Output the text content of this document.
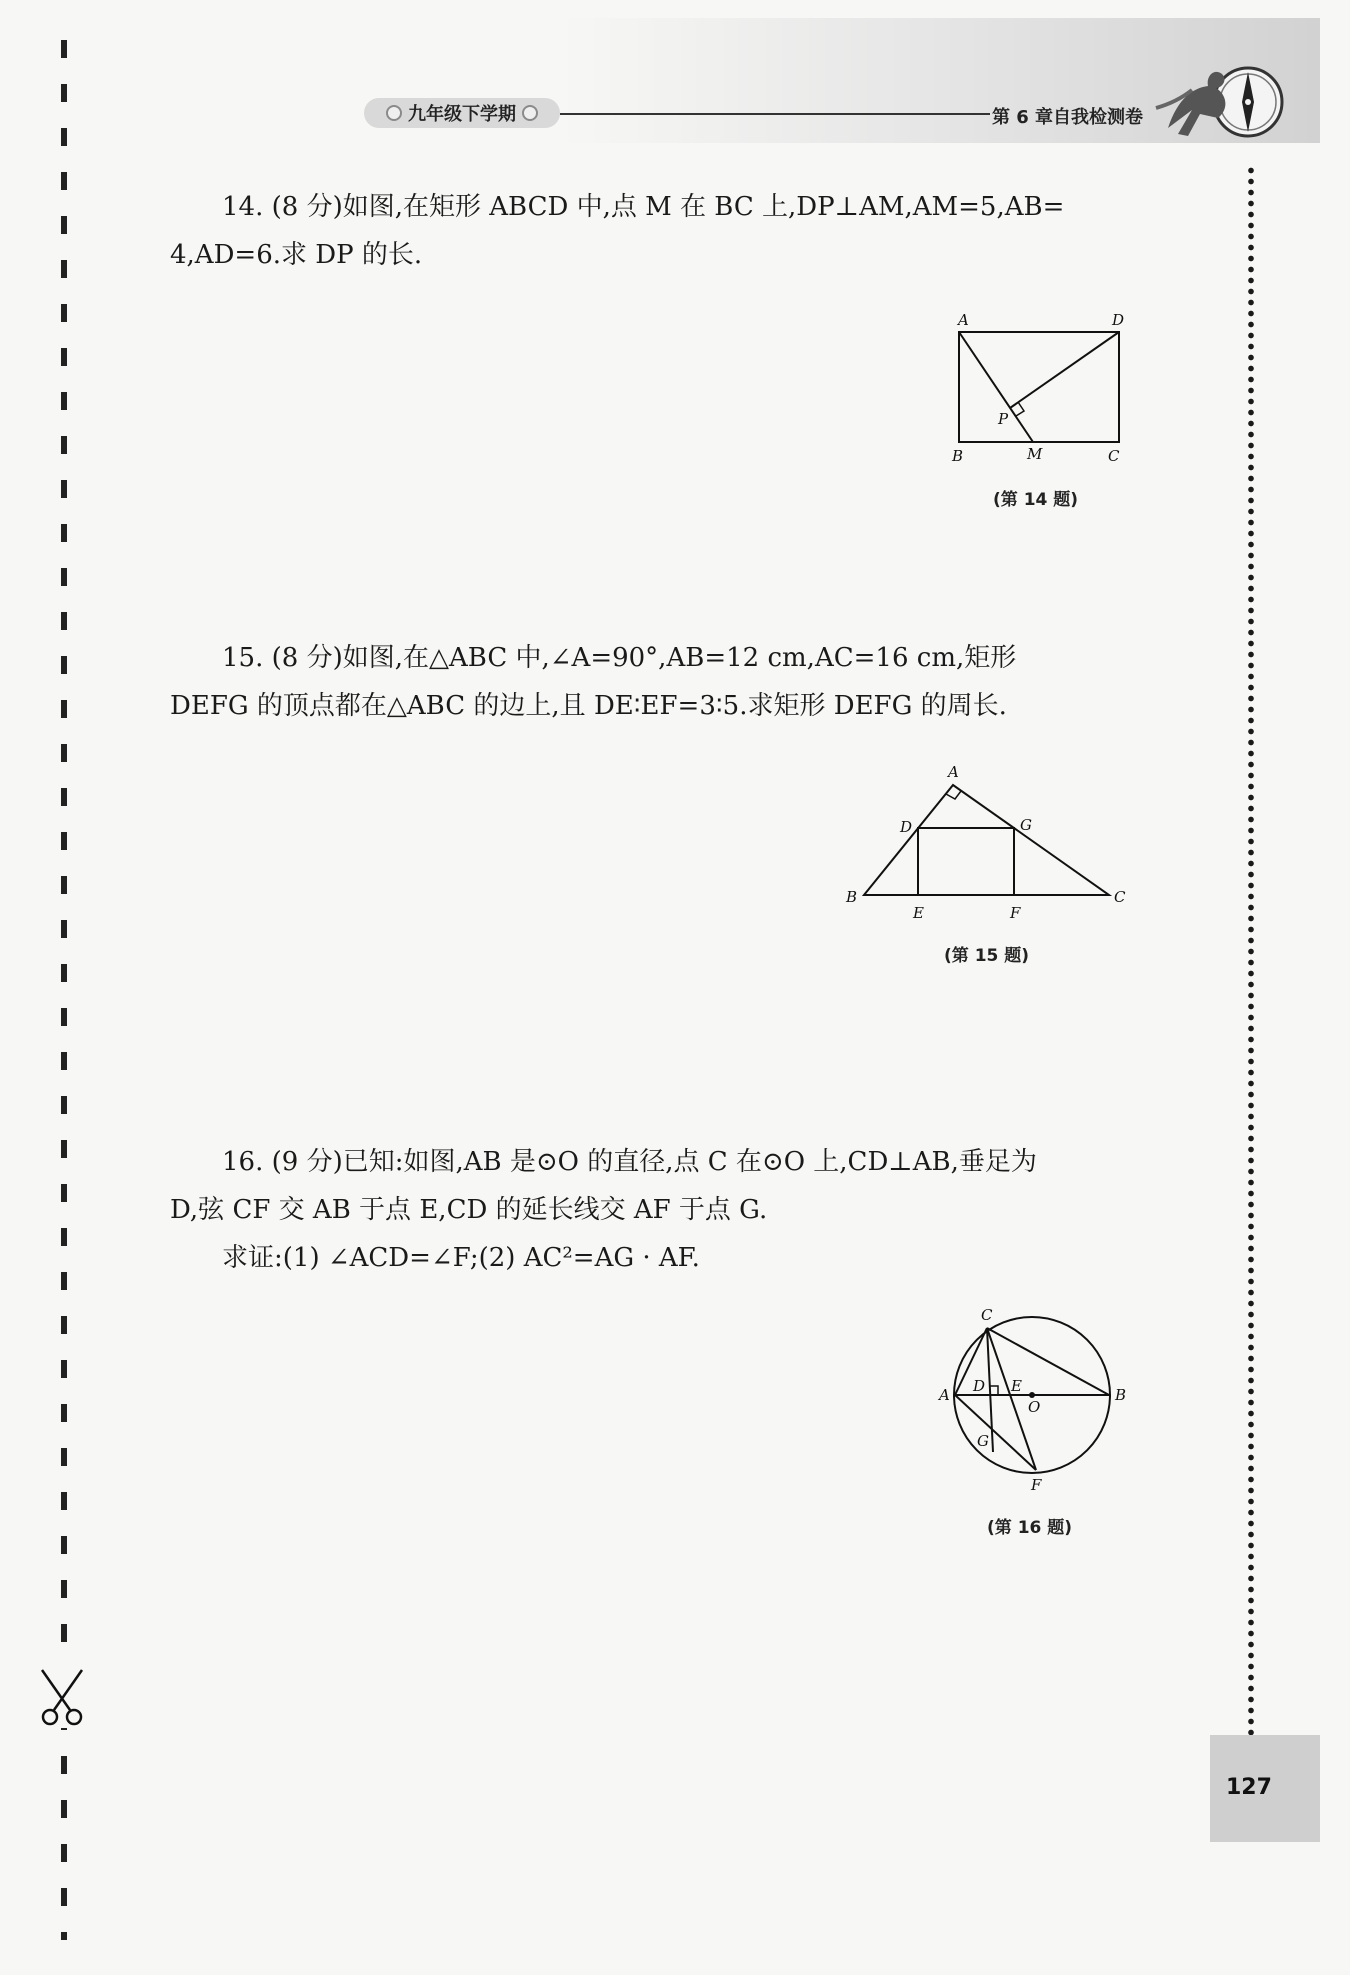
九年级下学期	第 6 章自我检测卷
127

14. (8 分)如图,在矩形 ABCD 中,点 M 在 BC 上,DP⊥AM,AM=5,AB=

4,AD=6.求 DP 的长.

A	D
P
B	M	C
(第 14 题)

15. (8 分)如图,在△ABC 中,∠A=90°,AB=12 cm,AC=16 cm,矩形

DEFG 的顶点都在△ABC 的边上,且 DE∶EF=3∶5.求矩形 DEFG 的周长.

A
D	G
B
E	F
C
(第 15 题)

16. (9 分)已知:如图,AB 是⊙O 的直径,点 C 在⊙O 上,CD⊥AB,垂足为

D,弦 CF 交 AB 于点 E,CD 的延长线交 AF 于点 G.

求证:(1) ∠ACD=∠F;(2) AC²=AG · AF.

C
A D E
O
B
G
F
(第 16 题)
